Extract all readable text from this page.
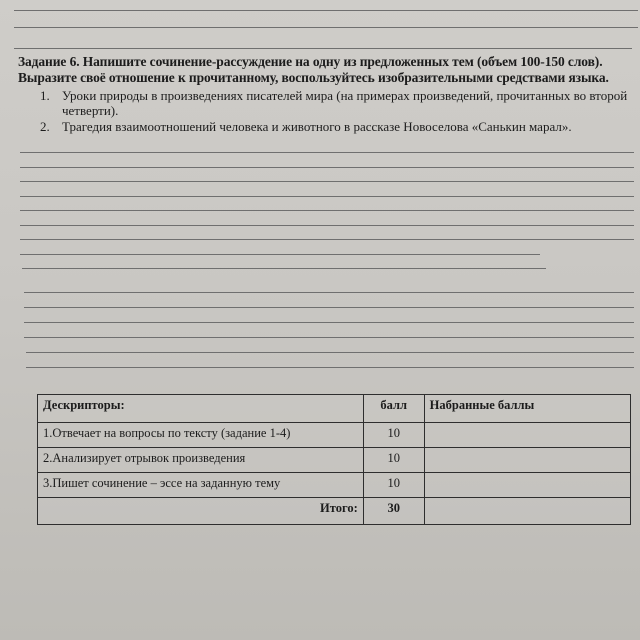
Задание 6. Напишите сочинение-рассуждение на одну из предложенных тем (объем 100-150 слов). Выразите своё отношение к прочитанному, воспользуйтесь изобразительными средствами языка.
1. Уроки природы в произведениях писателей мира (на примерах произведений, прочитанных во второй четверти).
2. Трагедия взаимоотношений человека и животного в рассказе Новоселова «Санькин марал».
Дескрипторы:	балл	Набранные баллы
1.Отвечает на вопросы по тексту (задание 1-4)	10	
2.Анализирует отрывок произведения	10	
3.Пишет сочинение – эссе на заданную тему	10	
Итого:	30	
